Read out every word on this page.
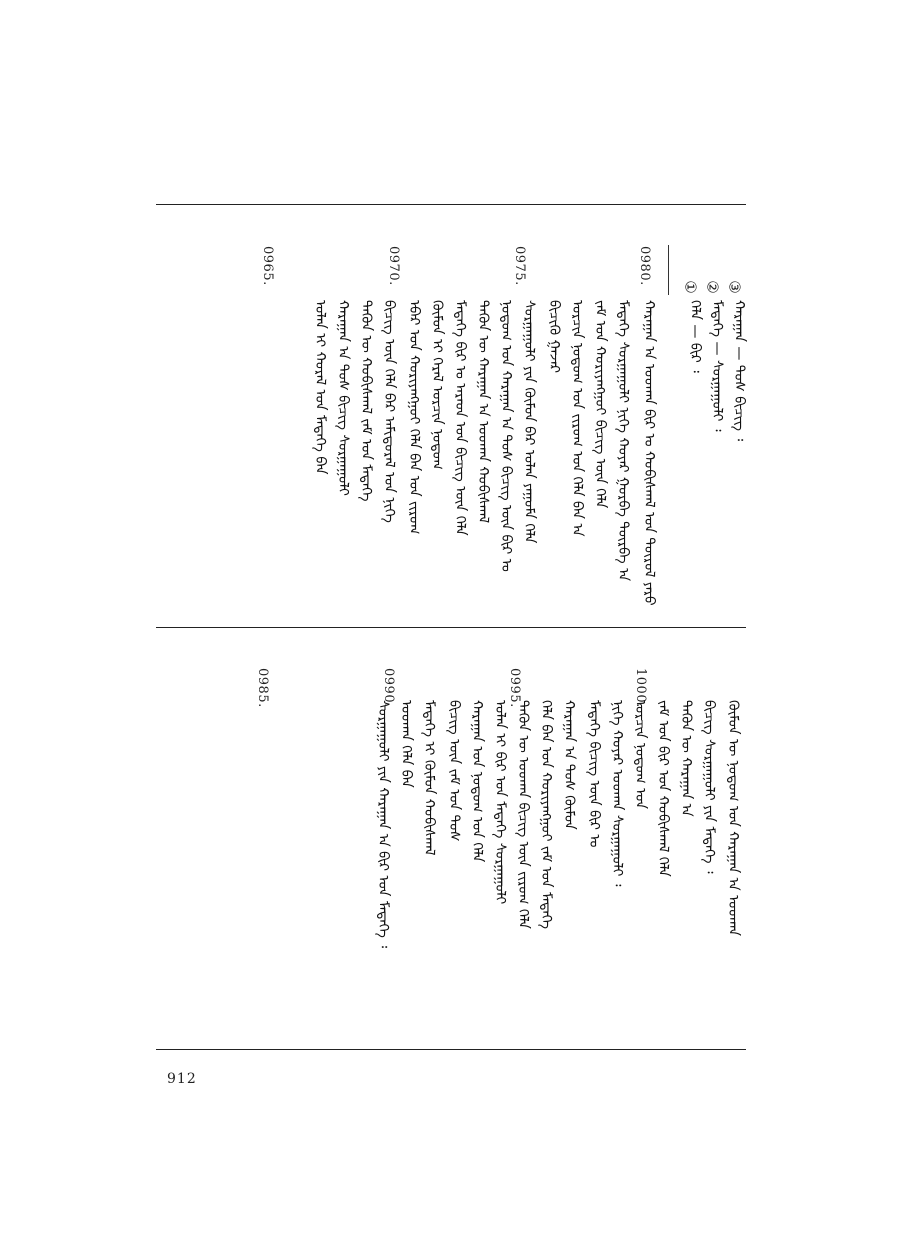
ᠬᠠᠷᠠᠭᠠᠨ — ᠲᠤᠰ ᠪᠢᠴᠢᠭ ᠄
ᠮᠡᠳᠡᠭᠡ — ᠰᠤᠷᠭᠠᠭᠤᠯᠢ ᠄
ᠬᠡᠯᠡ — ᠪᠢᠷ ᠄
③
②
①
912
ᠬᠠᠷᠠᠭᠠᠨ ᠠ ᠤᠳᠬᠠ ᠪᠢᠷ ᠤ ᠬᠤᠪᠢᠰᠬᠠᠯ ᠤᠨ ᠲᠥᠷᠥᠯ ᠶᠡᠷᠦ
ᠮᠡᠳᠡᠭᠡ ᠰᠤᠷᠭᠠᠭᠤᠯᠢ ᠨᠢᠭᠡ ᠬᠣᠶᠠᠷ ᠭᠤᠷᠪᠠ ᠳᠥᠷᠪᠡ ᠠ
ᠵᠠᠮ ᠤᠨ ᠬᠤᠷᠢᠶᠠᠩᠭᠤᠢ ᠪᠢᠴᠢᠭ ᠦᠨ ᠬᠡᠯᠡ
ᠣᠷᠴᠢᠨ ᠨᠤᠲᠤᠭ ᠤᠨ ᠵᠢᠷᠤᠭ ᠤᠨ ᠬᠡᠯᠡ ᠪᠡᠨ ᠠ
ᠪᠢᠴᠢᠬᠦ ᠭᠠᠵᠠᠷ
ᠰᠤᠷᠭᠠᠭᠤᠯᠢ ᠶᠢᠨ ᠬᠥᠮᠦᠨ ᠪᠠᠷ ᠣᠯᠠᠨ ᠶᠠᠭᠤᠮᠠ ᠬᠡᠯᠡ
ᠨᠤᠲᠤᠭ ᠤᠨ ᠬᠠᠷᠠᠭᠠᠨ ᠠ ᠲᠤᠰ ᠪᠢᠴᠢᠭ ᠦᠨ ᠪᠢᠷ ᠤ
ᠲᠡᠭᠦᠨ ᠦ ᠬᠠᠷᠠᠭᠠᠨ ᠠ ᠤᠳᠬᠠ ᠬᠤᠪᠢᠰᠬᠠᠯ
ᠮᠡᠳᠡᠭᠡ ᠪᠢᠷ ᠤ ᠠᠷᠠᠳ ᠤᠨ ᠪᠢᠴᠢᠭ ᠦᠨ ᠬᠡᠯᠡ
ᠬᠦᠮᠦᠨ ᠢ ᠭᠡᠷᠡᠯ ᠣᠷᠴᠢᠨ ᠨᠤᠲᠤᠭ
ᠡᠪᠡᠷ ᠤᠨ ᠬᠤᠷᠢᠶᠠᠩᠭᠤᠢ ᠬᠡᠯᠡ ᠪᠡᠨ ᠤᠨ ᠵᠢᠷᠤᠭ
ᠪᠢᠴᠢᠭ ᠦᠨ ᠬᠡᠯᠡ ᠪᠡᠷ ᠠᠮᠢᠳᠤᠷᠠᠯ ᠤᠨ ᠨᠢᠭᠡ
ᠲᠡᠭᠦᠨ ᠦ ᠬᠤᠪᠢᠰᠬᠠᠯ ᠵᠠᠮ ᠤᠨ ᠮᠡᠳᠡᠭᠡ
ᠬᠠᠷᠠᠭᠠᠨ ᠠ ᠲᠤᠰ ᠪᠢᠴᠢᠭ ᠰᠤᠷᠭᠠᠭᠤᠯᠢ
ᠣᠯᠠᠨ ᠢ ᠬᠤᠷᠠᠯ ᠤᠨ ᠮᠡᠳᠡᠭᠡ ᠪᠠᠨ
0980.
0975.
0970.
0965.
ᠬᠦᠮᠦᠨ ᠦ ᠨᠤᠲᠤᠭ ᠤᠨ ᠬᠠᠷᠠᠭᠠᠨ ᠠ ᠤᠳᠬᠠ
ᠪᠢᠴᠢᠭ ᠰᠤᠷᠭᠠᠭᠤᠯᠢ ᠶᠢᠨ ᠮᠡᠳᠡᠭᠡ ᠄
ᠲᠡᠭᠦᠨ ᠦ ᠬᠠᠷᠠᠭᠠᠨ ᠠ
ᠵᠠᠮ ᠤᠨ ᠪᠢᠷ ᠤᠨ ᠬᠤᠪᠢᠰᠬᠠᠯ ᠬᠡᠯᠡ
ᠣᠷᠴᠢᠨ ᠨᠤᠲᠤᠭ ᠤᠨ
ᠨᠢᠭᠡ ᠬᠣᠶᠠᠷ ᠤᠳᠬᠠ ᠰᠤᠷᠭᠠᠭᠤᠯᠢ ᠄
ᠮᠡᠳᠡᠭᠡ ᠪᠢᠴᠢᠭ ᠦᠨ ᠪᠢᠷ ᠤ
ᠬᠠᠷᠠᠭᠠᠨ ᠠ ᠲᠤᠰ ᠬᠦᠮᠦᠨ
ᠬᠡᠯᠡ ᠪᠡᠨ ᠤᠨ ᠬᠤᠷᠢᠶᠠᠩᠭᠤᠢ ᠵᠠᠮ ᠤᠨ ᠮᠡᠳᠡᠭᠡ
ᠲᠡᠭᠦᠨ ᠦ ᠤᠳᠬᠠ ᠪᠢᠴᠢᠭ ᠦᠨ ᠵᠢᠷᠤᠭ ᠬᠡᠯᠡ
ᠣᠯᠠᠨ ᠢ ᠪᠢᠷ ᠤᠨ ᠮᠡᠳᠡᠭᠡ ᠰᠤᠷᠭᠠᠭᠤᠯᠢ
ᠬᠠᠷᠠᠭᠠᠨ ᠤᠨ ᠨᠤᠲᠤᠭ ᠤᠨ ᠬᠡᠯᠡ
ᠪᠢᠴᠢᠭ ᠦᠨ ᠵᠠᠮ ᠤᠨ ᠲᠤᠰ
ᠮᠡᠳᠡᠭᠡ ᠢ ᠬᠦᠮᠦᠨ ᠬᠤᠪᠢᠰᠬᠠᠯ
ᠤᠳᠬᠠ ᠬᠡᠯᠡ ᠪᠡᠨ
ᠰᠤᠷᠭᠠᠭᠤᠯᠢ ᠶᠢᠨ ᠬᠠᠷᠠᠭᠠᠨ ᠠ ᠪᠢᠷ ᠤᠨ ᠮᠡᠳᠡᠭᠡ ᠄
1000.
0995.
0990.
0985.
